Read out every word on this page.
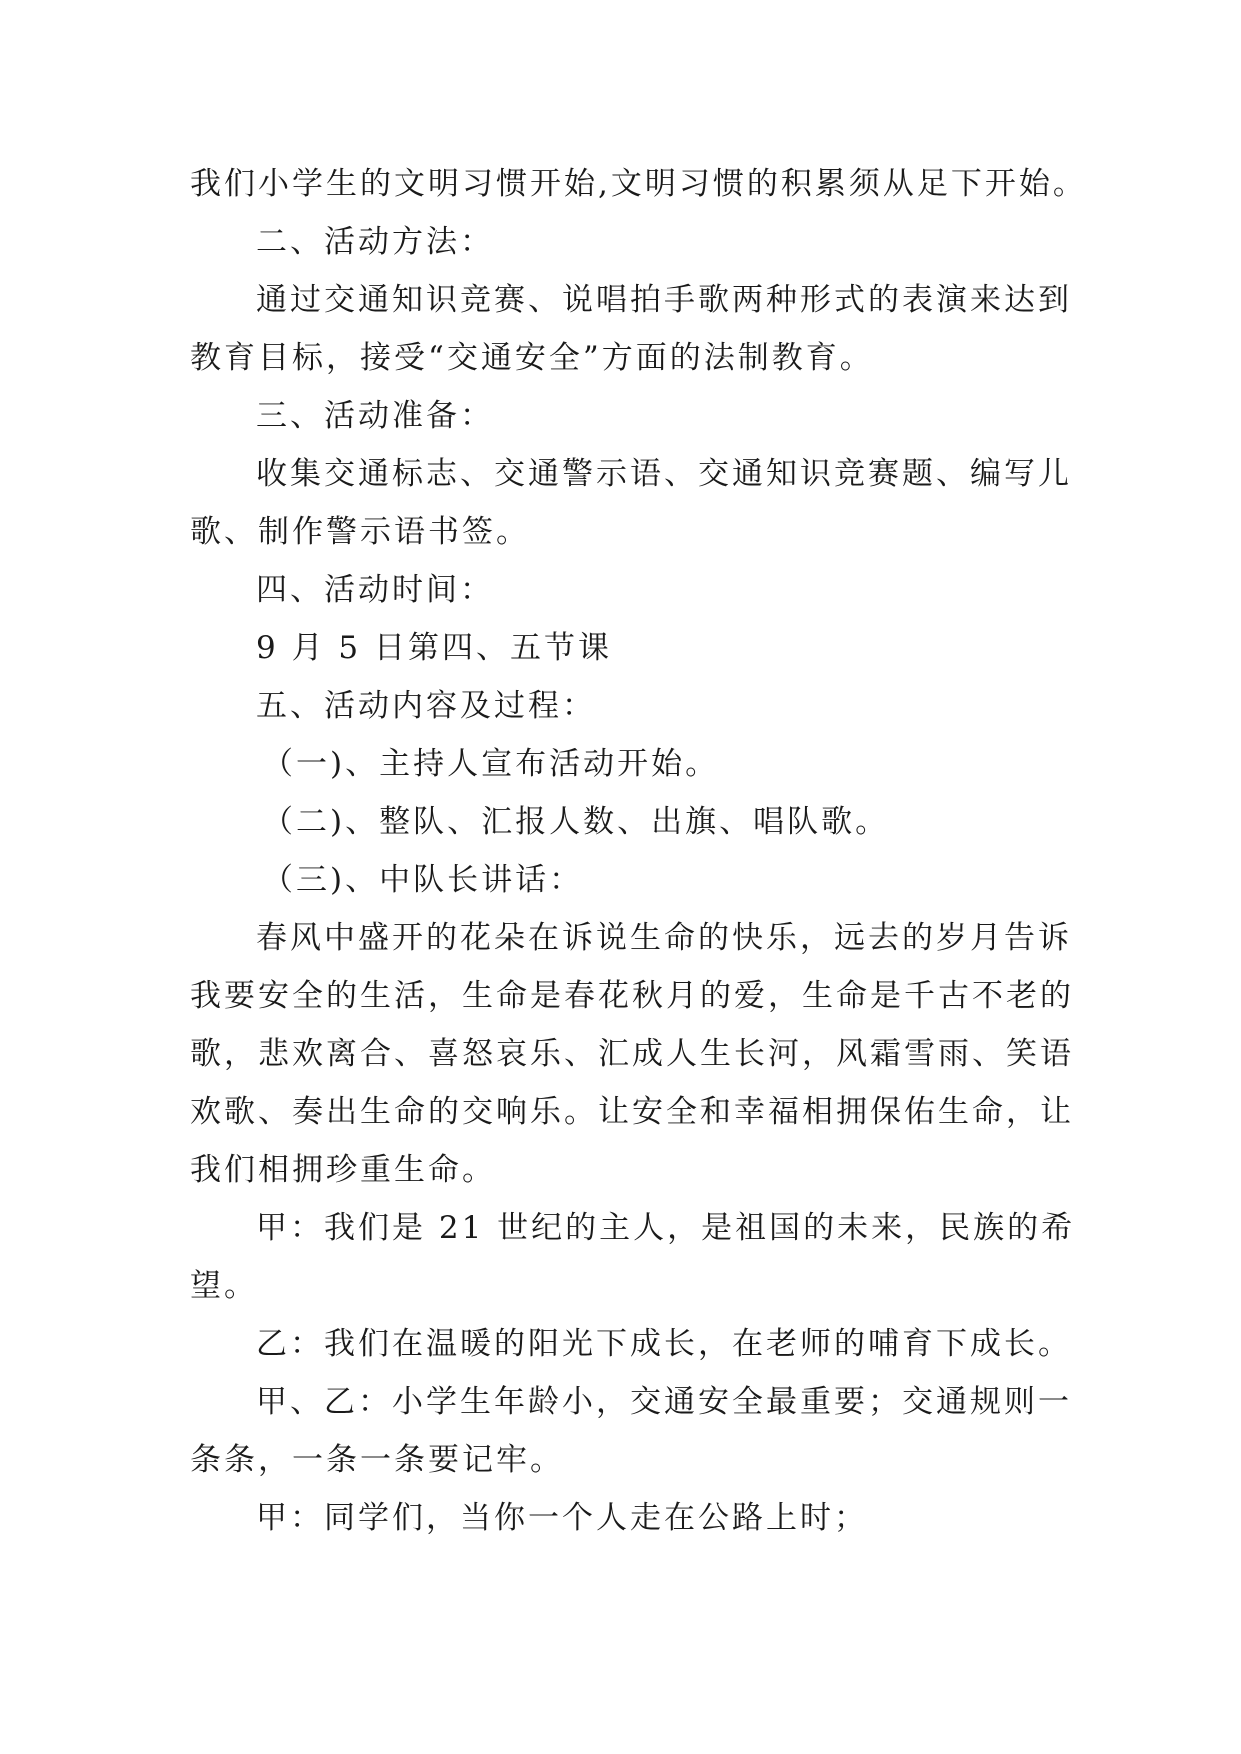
我们小学生的文明习惯开始,文明习惯的积累须从足下开始。
二、活动方法：
通过交通知识竞赛、说唱拍手歌两种形式的表演来达到
教育目标，接受“交通安全”方面的法制教育。
三、活动准备：
收集交通标志、交通警示语、交通知识竞赛题、编写儿
歌、制作警示语书签。
四、活动时间：
9 月 5 日第四、五节课
五、活动内容及过程：
（一)、主持人宣布活动开始。
（二)、整队、汇报人数、出旗、唱队歌。
（三)、中队长讲话：
春风中盛开的花朵在诉说生命的快乐，远去的岁月告诉
我要安全的生活，生命是春花秋月的爱，生命是千古不老的
歌，悲欢离合、喜怒哀乐、汇成人生长河，风霜雪雨、笑语
欢歌、奏出生命的交响乐。让安全和幸福相拥保佑生命，让
我们相拥珍重生命。
甲：我们是 21 世纪的主人，是祖国的未来，民族的希
望。
乙：我们在温暖的阳光下成长，在老师的哺育下成长。
甲、乙：小学生年龄小，交通安全最重要；交通规则一
条条，一条一条要记牢。
甲：同学们，当你一个人走在公路上时；
